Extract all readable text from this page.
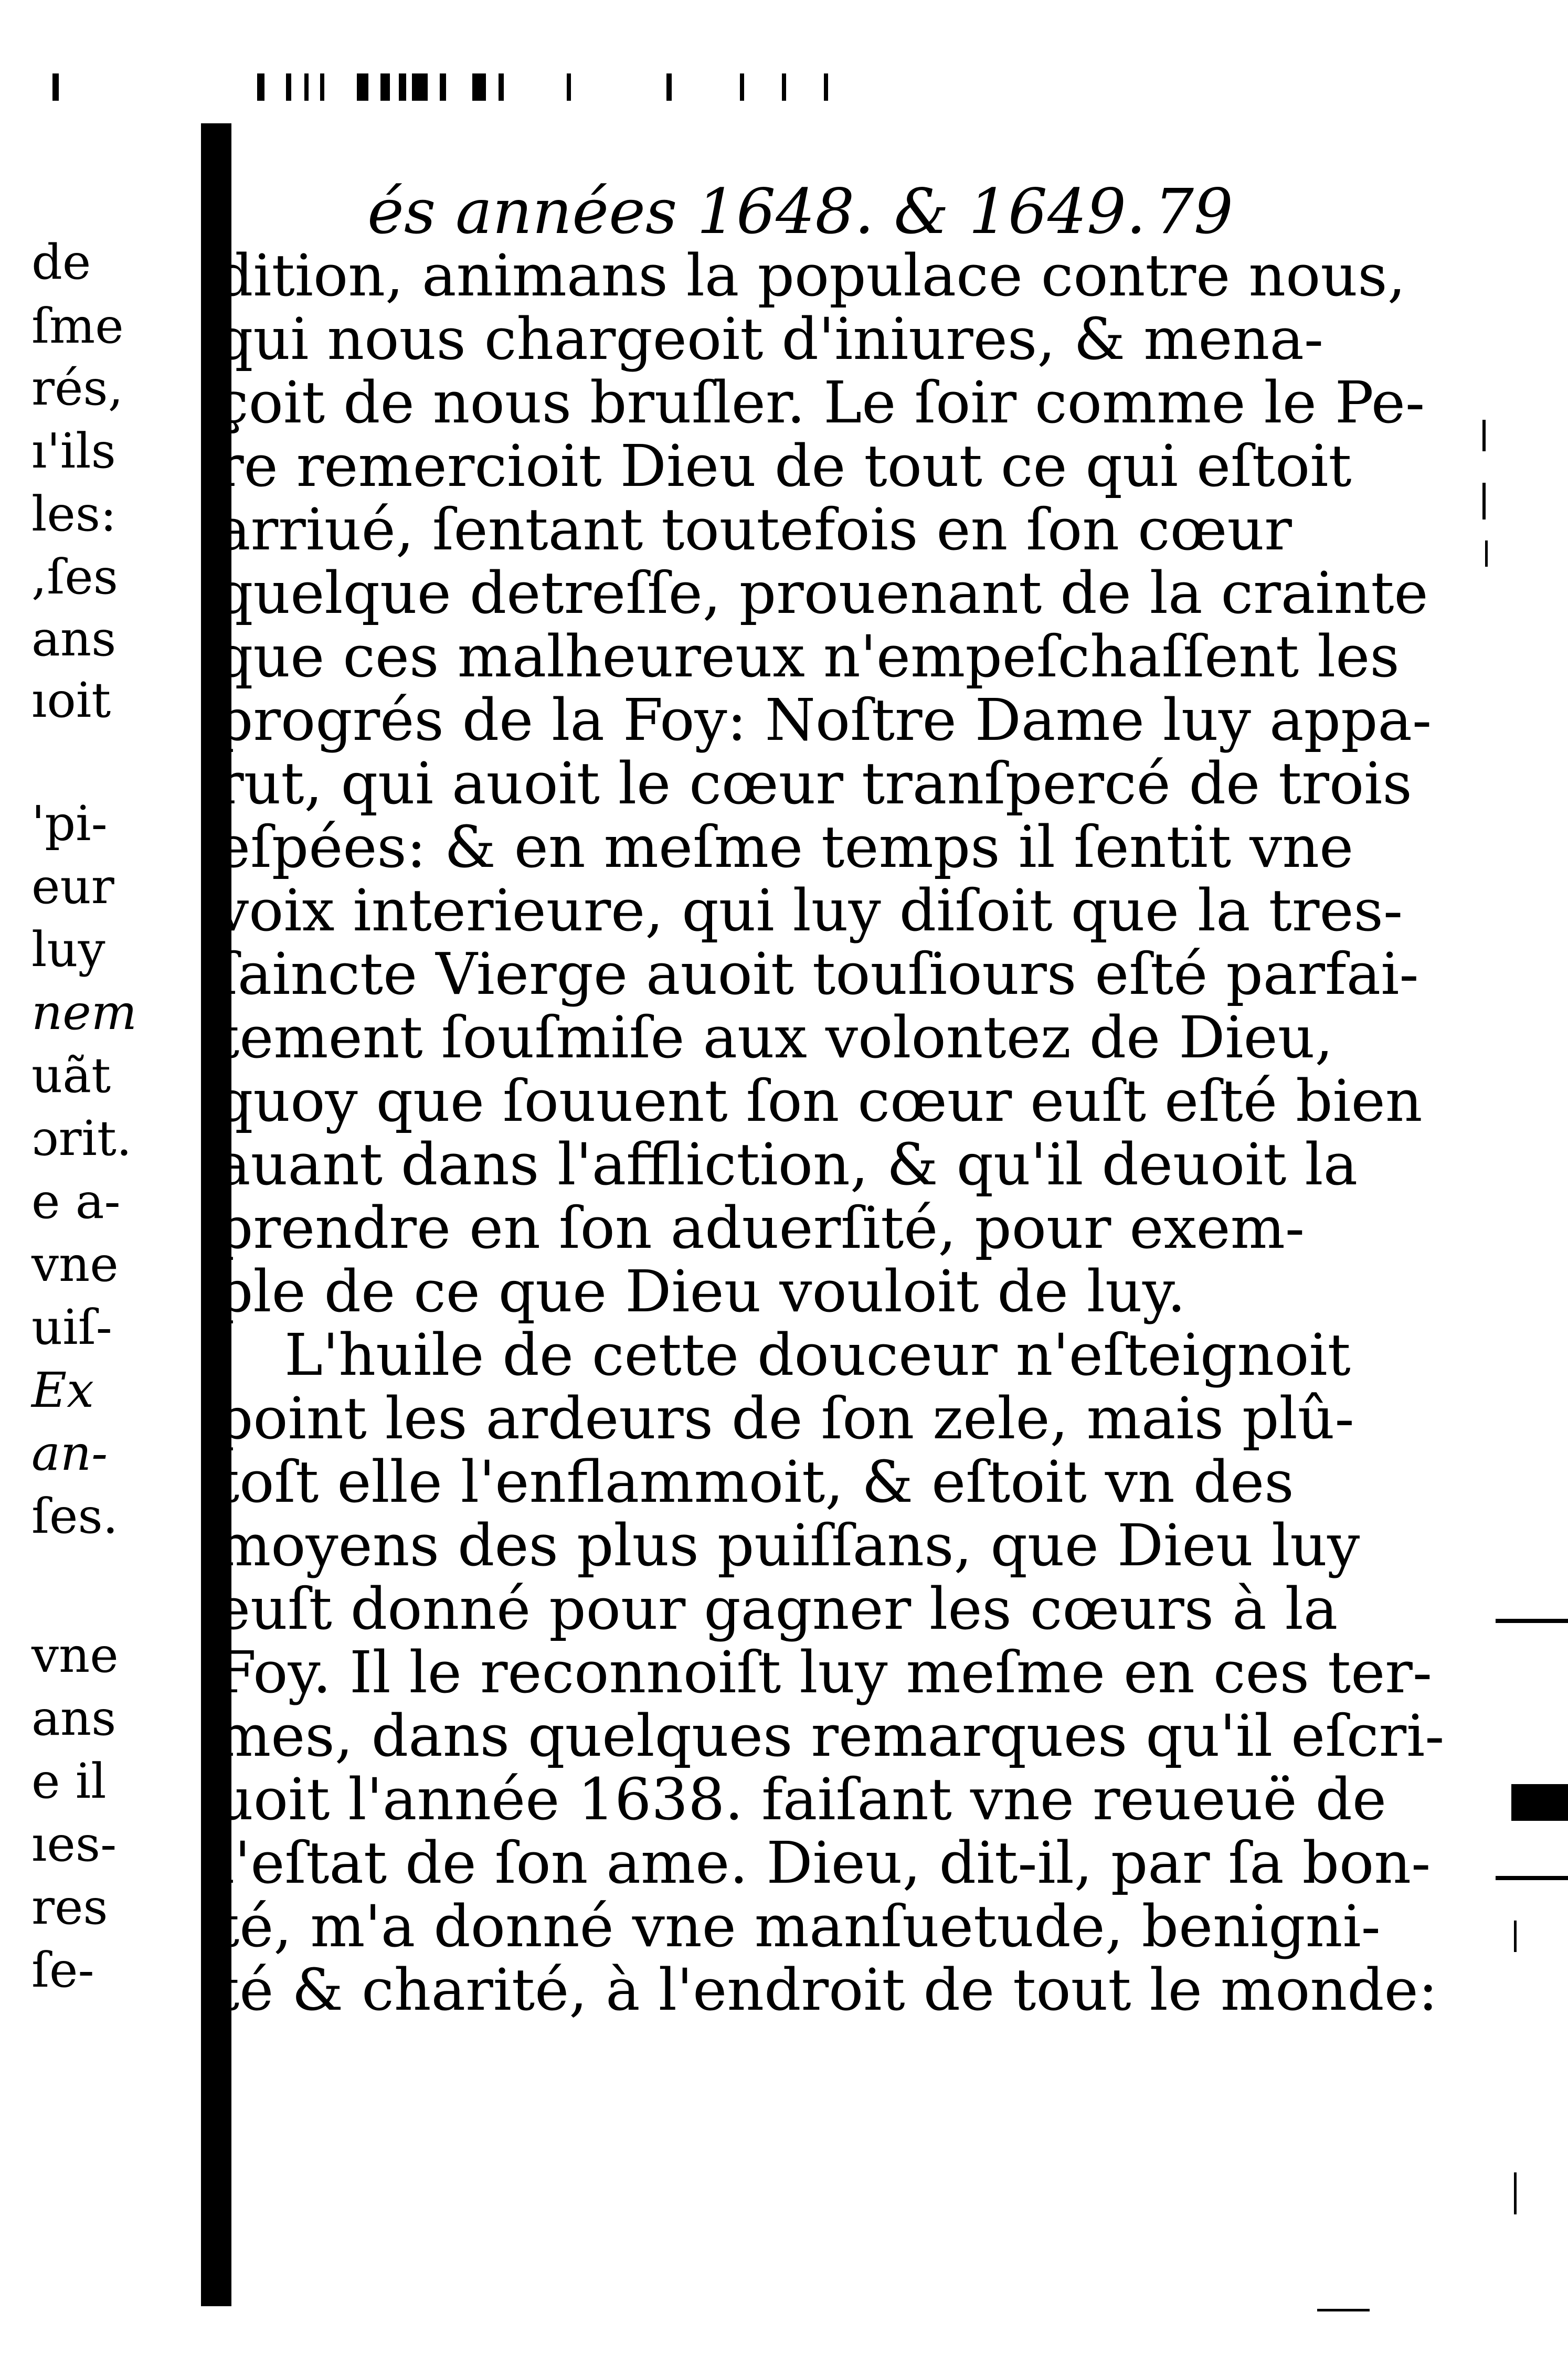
de
ſme
rés,
ı'ils
les:
,ſes
ans
ıoit
'pi-
eur
luy
nem
uãt
ɔrit.
e a-
vne
uiſ-
Ex
an-
ſes.
vne
ans
e il
ıes-
res
ſe-
és années 1648. & 1649. 79
dition, animans la populace contre nous,
qui nous chargeoit d'iniures, & mena-
çoit de nous bruſler. Le ſoir comme le Pe-
re remercioit Dieu de tout ce qui eſtoit
arriué, ſentant toutefois en ſon cœur
quelque detreſſe, prouenant de la crainte
que ces malheureux n'empeſchaſſent les
progrés de la Foy: Noſtre Dame luy appa-
rut, qui auoit le cœur tranſpercé de trois
eſpées: & en meſme temps il ſentit vne
voix interieure, qui luy diſoit que la tres-
ſaincte Vierge auoit touſiours eſté parfai-
tement ſouſmiſe aux volontez de Dieu,
quoy que ſouuent ſon cœur euſt eſté bien
auant dans l'affliction, & qu'il deuoit la
prendre en ſon aduerſité, pour exem-
ple de ce que Dieu vouloit de luy.
L'huile de cette douceur n'eſteignoit
point les ardeurs de ſon zele, mais plû-
toſt elle l'enflammoit, & eſtoit vn des
moyens des plus puiſſans, que Dieu luy
euſt donné pour gagner les cœurs à la
Foy. Il le reconnoiſt luy meſme en ces ter-
mes, dans quelques remarques qu'il eſcri-
uoit l'année 1638. faiſant vne reueuë de
l'eſtat de ſon ame. Dieu, dit-il, par ſa bon-
té, m'a donné vne manſuetude, benigni-
té & charité, à l'endroit de tout le monde:
